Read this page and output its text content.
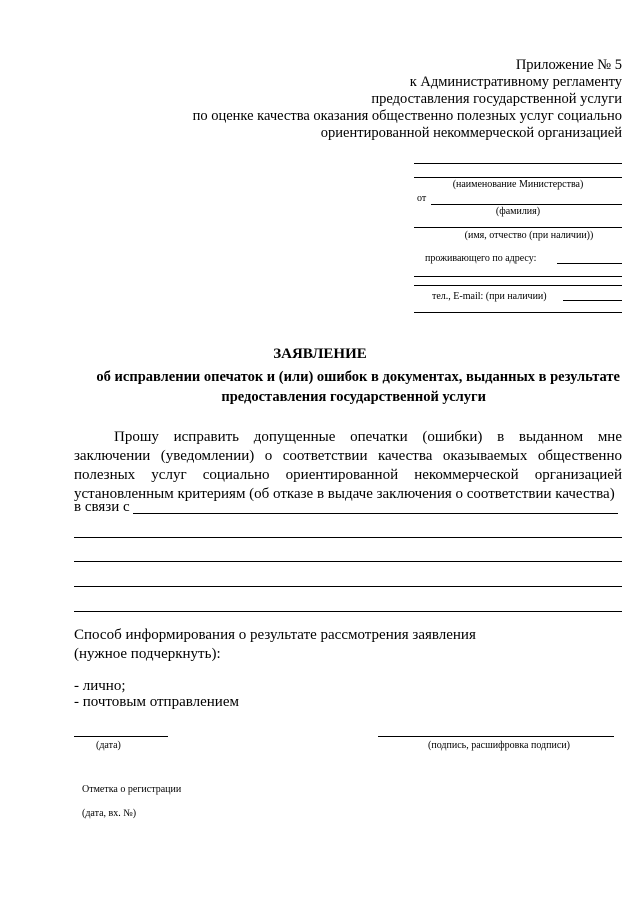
Приложение № 5
к Административному регламенту
предоставления государственной услуги
по оценке качества оказания общественно полезных услуг социально
ориентированной некоммерческой организацией
(наименование Министерства)
от
(фамилия)
(имя, отчество (при наличии))
проживающего по адресу:
тел., E-mail: (при наличии)
ЗАЯВЛЕНИЕ
об исправлении опечаток и (или) ошибок в документах, выданных в результате
предоставления государственной услуги
Прошу исправить допущенные опечатки (ошибки) в выданном мне заключении (уведомлении) о соответствии качества оказываемых общественно полезных услуг социально ориентированной некоммерческой организацией установленным критериям (об отказе в выдаче заключения о соответствии качества)
в связи с
Способ информирования о результате рассмотрения заявления
(нужное подчеркнуть):
- лично;
- почтовым отправлением
(дата)	(подпись, расшифровка подписи)
Отметка о регистрации
(дата, вх. №)
